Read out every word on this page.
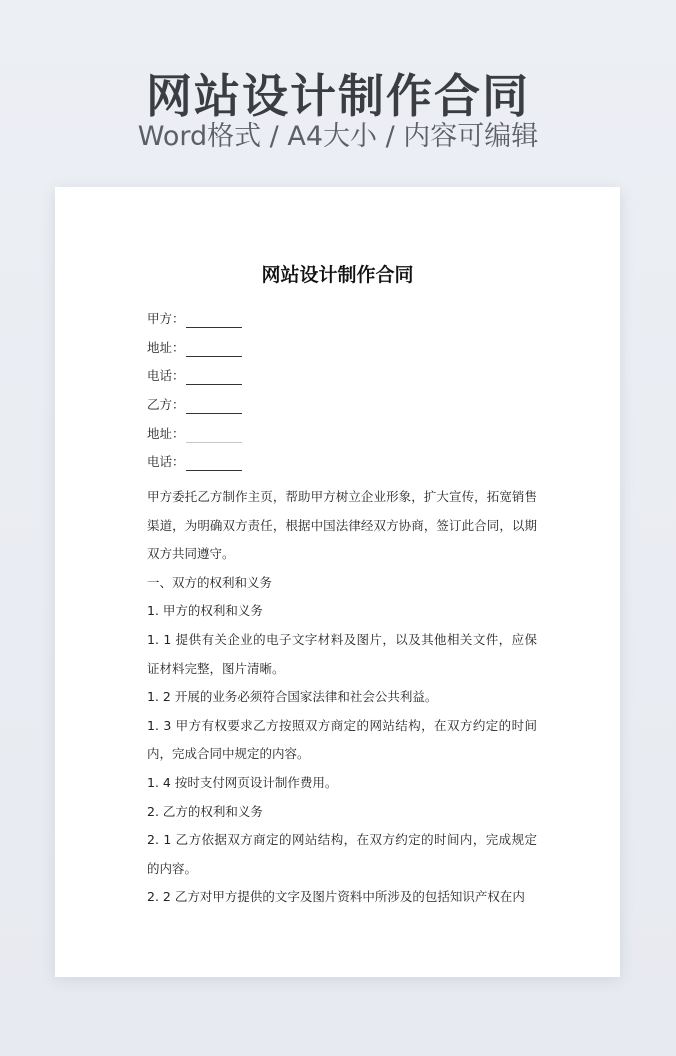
网站设计制作合同
Word格式 / A4大小 / 内容可编辑
网站设计制作合同
甲方：
地址：
电话：
乙方：
地址：
电话：

甲方委托乙方制作主页，帮助甲方树立企业形象，扩大宣传，拓宽销售渠道，为明确双方责任，根据中国法律经双方协商，签订此合同，以期双方共同遵守。

一、双方的权利和义务

1. 甲方的权利和义务

1. 1 提供有关企业的电子文字材料及图片，以及其他相关文件，应保证材料完整，图片清晰。

1. 2 开展的业务必须符合国家法律和社会公共利益。

1. 3 甲方有权要求乙方按照双方商定的网站结构，在双方约定的时间内，完成合同中规定的内容。

1. 4 按时支付网页设计制作费用。

2. 乙方的权利和义务

2. 1 乙方依据双方商定的网站结构，在双方约定的时间内，完成规定的内容。

2. 2 乙方对甲方提供的文字及图片资料中所涉及的包括知识产权在内
